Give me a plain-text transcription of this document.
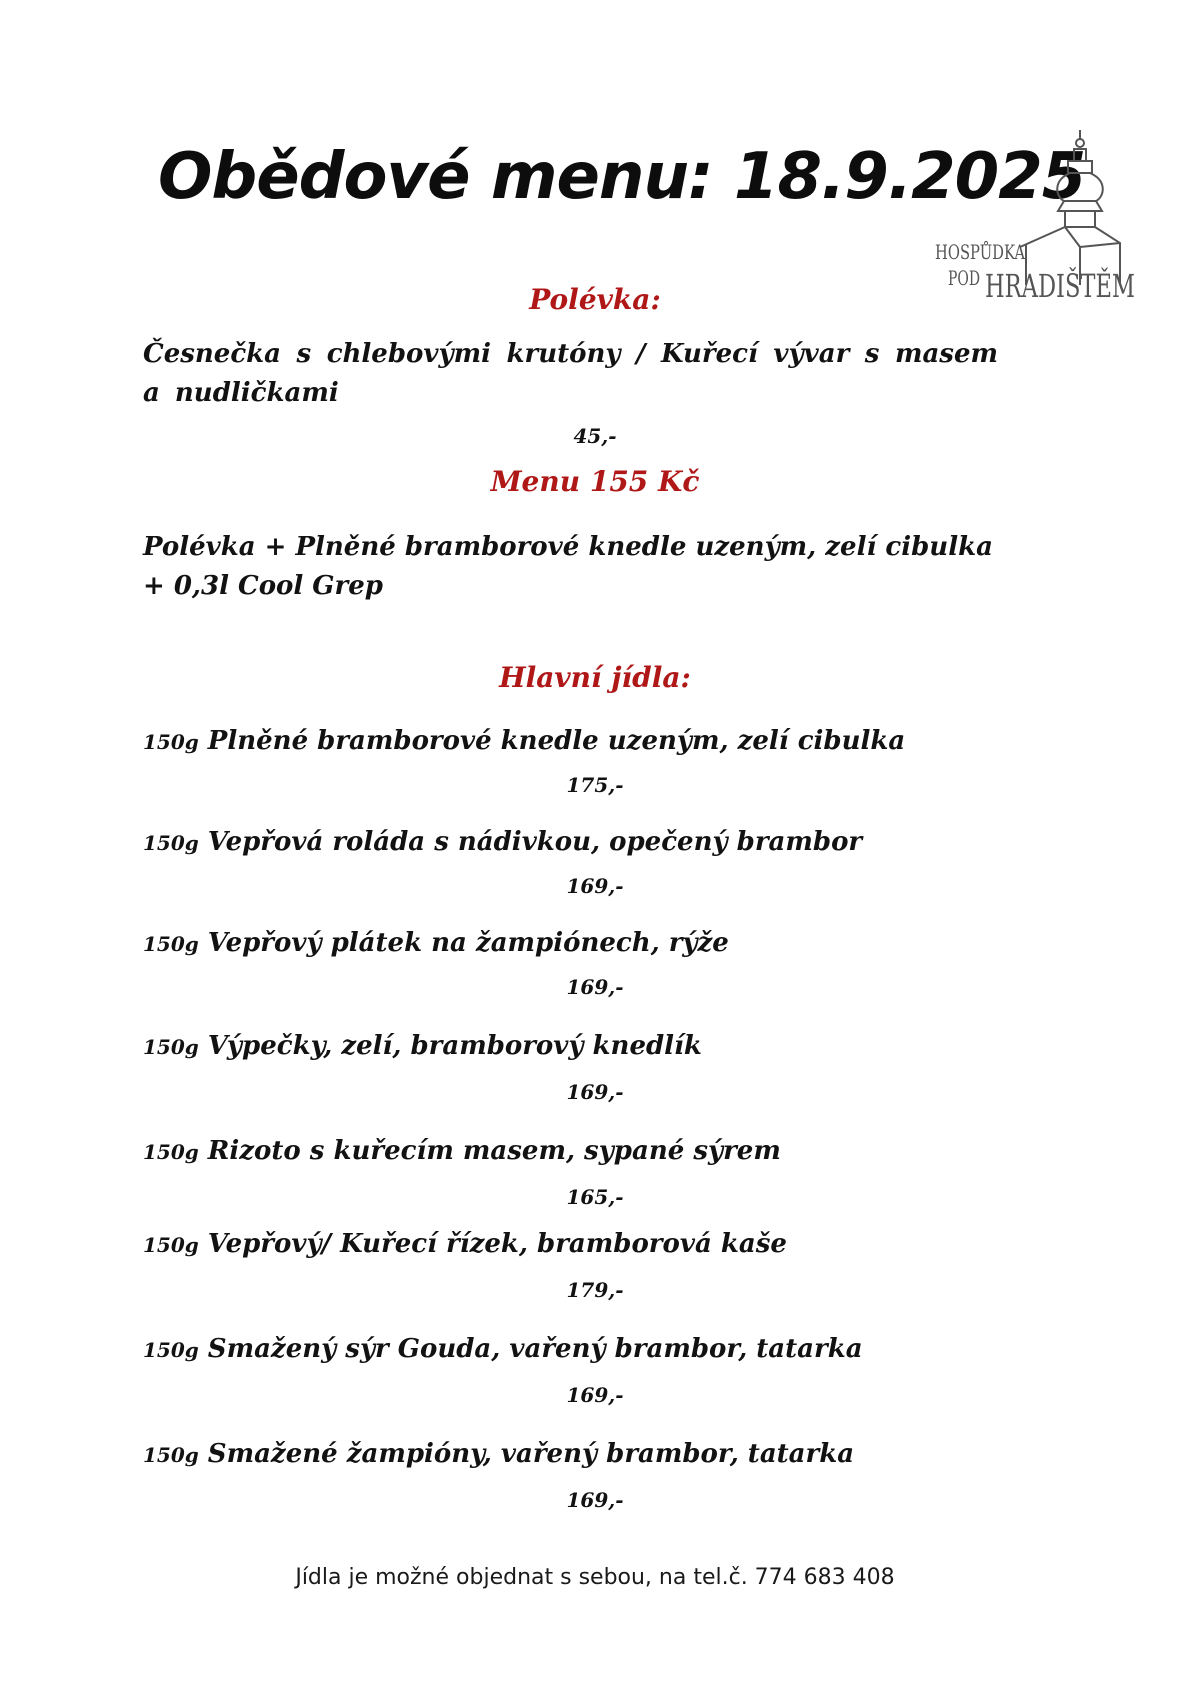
Obědové menu: 18.9.2025
HOSPŮDKA
POD HRADIŠTĚM
Polévka:
Česnečka s chlebovými krutóny / Kuřecí vývar s masem a nudličkami
45,-
Menu 155 Kč
Polévka + Plněné bramborové knedle uzeným, zelí cibulka + 0,3l Cool Grep
Hlavní jídla:
150g Plněné bramborové knedle uzeným, zelí cibulka
175,-
150g Vepřová roláda s nádivkou, opečený brambor
169,-
150g Vepřový plátek na žampiónech, rýže
169,-
150g Výpečky, zelí, bramborový knedlík
169,-
150g Rizoto s kuřecím masem, sypané sýrem
165,-
150g Vepřový/ Kuřecí řízek, bramborová kaše
179,-
150g Smažený sýr Gouda, vařený brambor, tatarka
169,-
150g Smažené žampióny, vařený brambor, tatarka
169,-
Jídla je možné objednat s sebou, na tel.č. 774 683 408
